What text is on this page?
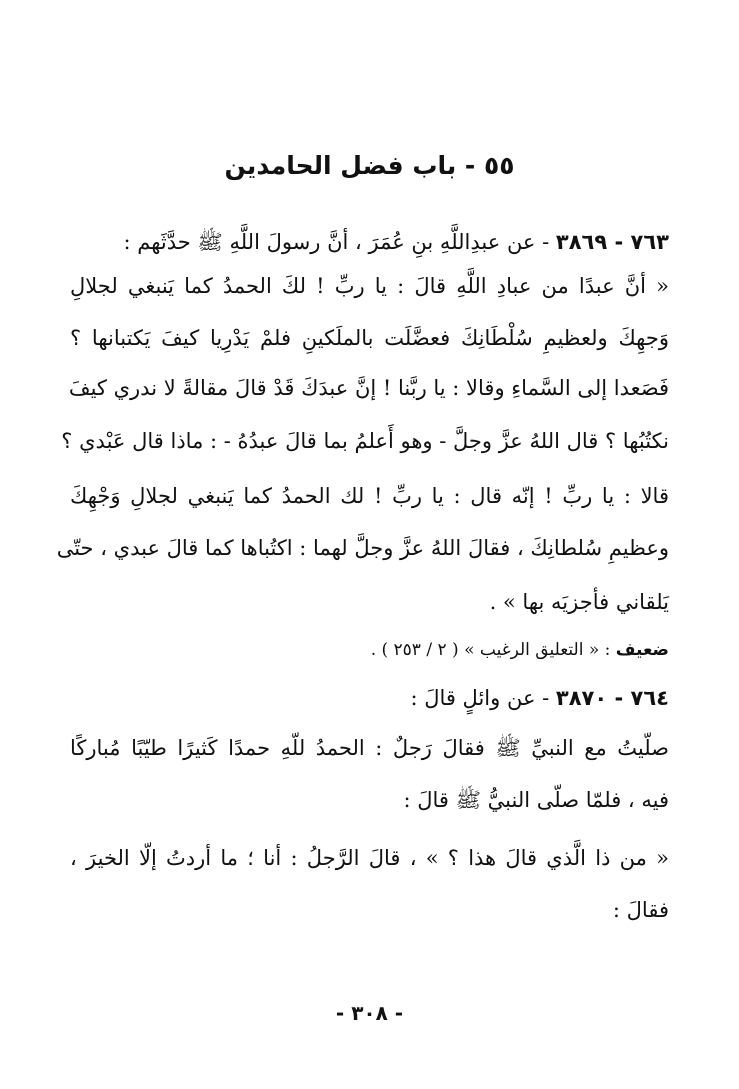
٥٥ - باب فضل الحامدين
٧٦٣ - ٣٨٦٩ - عن عبدِاللَّهِ بنِ عُمَرَ ، أنَّ رسولَ اللَّهِ ﷺ حدَّثَهم :
« أنَّ عبدًا من عبادِ اللَّهِ قالَ : يا ربِّ ! لكَ الحمدُ كما يَنبغي لجلالِ
وَجهِكَ ولعظيمِ سُلْطَانِكَ فعضَّلَت بالملَكينِ فلمْ يَدْرِيا كيفَ يَكتبانها ؟
فَصَعدا إلى السَّماءِ وقالا : يا ربَّنا ! إنَّ عبدَكَ قَدْ قالَ مقالةً لا ندري كيفَ
نكتُبُها ؟ قال اللهُ عزَّ وجلَّ - وهو أَعلمُ بما قالَ عبدُهُ - : ماذا قال عَبْدي ؟
قالا : يا ربِّ ! إنّه قال : يا ربِّ ! لك الحمدُ كما يَنبغي لجلالِ وَجْهِكَ
وعظيمِ سُلطانِكَ ، فقالَ اللهُ عزَّ وجلَّ لهما : اكتُباها كما قالَ عبدي ، حتّى
يَلقاني فأجزيَه بها » .
ضعيف : « التعليق الرغيب » ( ٢ / ٢٥٣ ) .
٧٦٤ - ٣٨٧٠ - عن وائلٍ قالَ :
صلّيتُ مع النبيِّ ﷺ فقالَ رَجلٌ : الحمدُ للّهِ حمدًا كَثيرًا طيّبًا مُباركًا
فيه ، فلمّا صلّى النبيُّ ﷺ قالَ :
« من ذا الَّذي قالَ هذا ؟ » ، قالَ الرَّجلُ : أنا ؛ ما أردتُ إلّا الخيرَ ،
فقالَ :
- ٣٠٨ -
